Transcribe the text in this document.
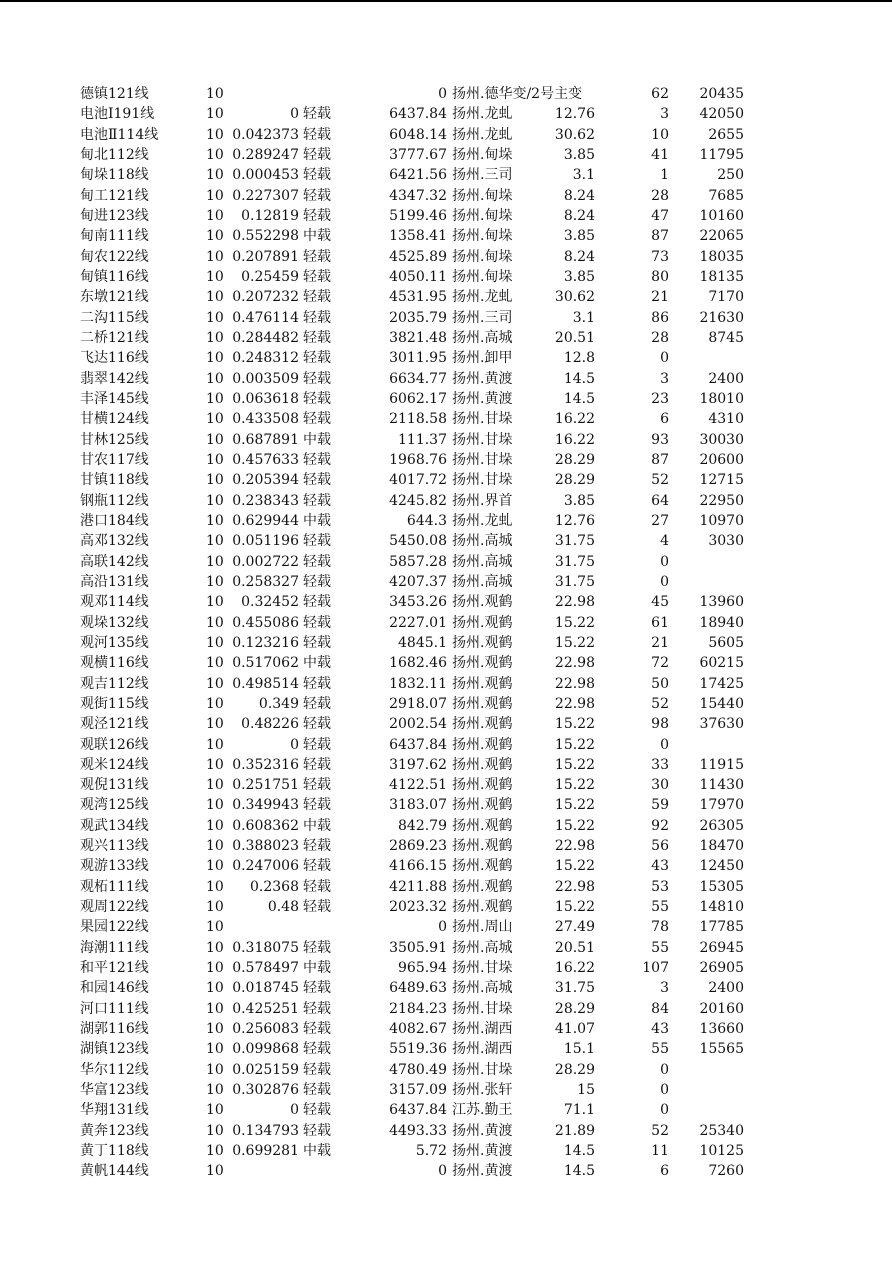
德镇121线	10	0 扬州.德华变/2号主变	62	20435
电池Ⅰ191线	10	0 轻载	6437.84 扬州.龙虬	12.76	3	42050
电池Ⅱ114线	10 0.042373 轻载	6048.14 扬州.龙虬	30.62	10	2655
甸北112线	10 0.289247 轻载	3777.67 扬州.甸垛	3.85	41	11795
甸垛118线	10 0.000453 轻载	6421.56 扬州.三司	3.1	1	250
甸工121线	10 0.227307 轻载	4347.32 扬州.甸垛	8.24	28	7685
甸进123线	10	0.12819 轻载	5199.46 扬州.甸垛	8.24	47	10160
甸南111线	10 0.552298 中载	1358.41 扬州.甸垛	3.85	87	22065
甸农122线	10 0.207891 轻载	4525.89 扬州.甸垛	8.24	73	18035
甸镇116线	10	0.25459 轻载	4050.11 扬州.甸垛	3.85	80	18135
东墩121线	10 0.207232 轻载	4531.95 扬州.龙虬	30.62	21	7170
二沟115线	10 0.476114 轻载	2035.79 扬州.三司	3.1	86	21630
二桥121线	10 0.284482 轻载	3821.48 扬州.高城	20.51	28	8745
飞达116线	10 0.248312 轻载	3011.95 扬州.卸甲	12.8	0
翡翠142线	10 0.003509 轻载	6634.77 扬州.黄渡	14.5	3	2400
丰泽145线	10 0.063618 轻载	6062.17 扬州.黄渡	14.5	23	18010
甘横124线	10 0.433508 轻载	2118.58 扬州.甘垛	16.22	6	4310
甘林125线	10 0.687891 中载	111.37 扬州.甘垛	16.22	93	30030
甘农117线	10 0.457633 轻载	1968.76 扬州.甘垛	28.29	87	20600
甘镇118线	10 0.205394 轻载	4017.72 扬州.甘垛	28.29	52	12715
钢瓶112线	10 0.238343 轻载	4245.82 扬州.界首	3.85	64	22950
港口184线	10 0.629944 中载	644.3 扬州.龙虬	12.76	27	10970
高邓132线	10 0.051196 轻载	5450.08 扬州.高城	31.75	4	3030
高联142线	10 0.002722 轻载	5857.28 扬州.高城	31.75	0
高沿131线	10 0.258327 轻载	4207.37 扬州.高城	31.75	0
观邓114线	10	0.32452 轻载	3453.26 扬州.观鹤	22.98	45	13960
观垛132线	10 0.455086 轻载	2227.01 扬州.观鹤	15.22	61	18940
观河135线	10 0.123216 轻载	4845.1 扬州.观鹤	15.22	21	5605
观横116线	10 0.517062 中载	1682.46 扬州.观鹤	22.98	72	60215
观吉112线	10 0.498514 轻载	1832.11 扬州.观鹤	22.98	50	17425
观街115线	10	0.349 轻载	2918.07 扬州.观鹤	22.98	52	15440
观泾121线	10	0.48226 轻载	2002.54 扬州.观鹤	15.22	98	37630
观联126线	10	0 轻载	6437.84 扬州.观鹤	15.22	0
观米124线	10 0.352316 轻载	3197.62 扬州.观鹤	15.22	33	11915
观倪131线	10 0.251751 轻载	4122.51 扬州.观鹤	15.22	30	11430
观湾125线	10 0.349943 轻载	3183.07 扬州.观鹤	15.22	59	17970
观武134线	10 0.608362 中载	842.79 扬州.观鹤	15.22	92	26305
观兴113线	10 0.388023 轻载	2869.23 扬州.观鹤	22.98	56	18470
观游133线	10 0.247006 轻载	4166.15 扬州.观鹤	15.22	43	12450
观柘111线	10	0.2368 轻载	4211.88 扬州.观鹤	22.98	53	15305
观周122线	10	0.48 轻载	2023.32 扬州.观鹤	15.22	55	14810
果园122线	10	0 扬州.周山	27.49	78	17785
海潮111线	10 0.318075 轻载	3505.91 扬州.高城	20.51	55	26945
和平121线	10 0.578497 中载	965.94 扬州.甘垛	16.22	107	26905
和园146线	10 0.018745 轻载	6489.63 扬州.高城	31.75	3	2400
河口111线	10 0.425251 轻载	2184.23 扬州.甘垛	28.29	84	20160
湖郭116线	10 0.256083 轻载	4082.67 扬州.湖西	41.07	43	13660
湖镇123线	10 0.099868 轻载	5519.36 扬州.湖西	15.1	55	15565
华尔112线	10 0.025159 轻载	4780.49 扬州.甘垛	28.29	0
华富123线	10 0.302876 轻载	3157.09 扬州.张轩	15	0
华翔131线	10	0 轻载	6437.84 江苏.勤王	71.1	0
黄奔123线	10 0.134793 轻载	4493.33 扬州.黄渡	21.89	52	25340
黄丁118线	10 0.699281 中载	5.72 扬州.黄渡	14.5	11	10125
黄帆144线	10	0 扬州.黄渡	14.5	6	7260
